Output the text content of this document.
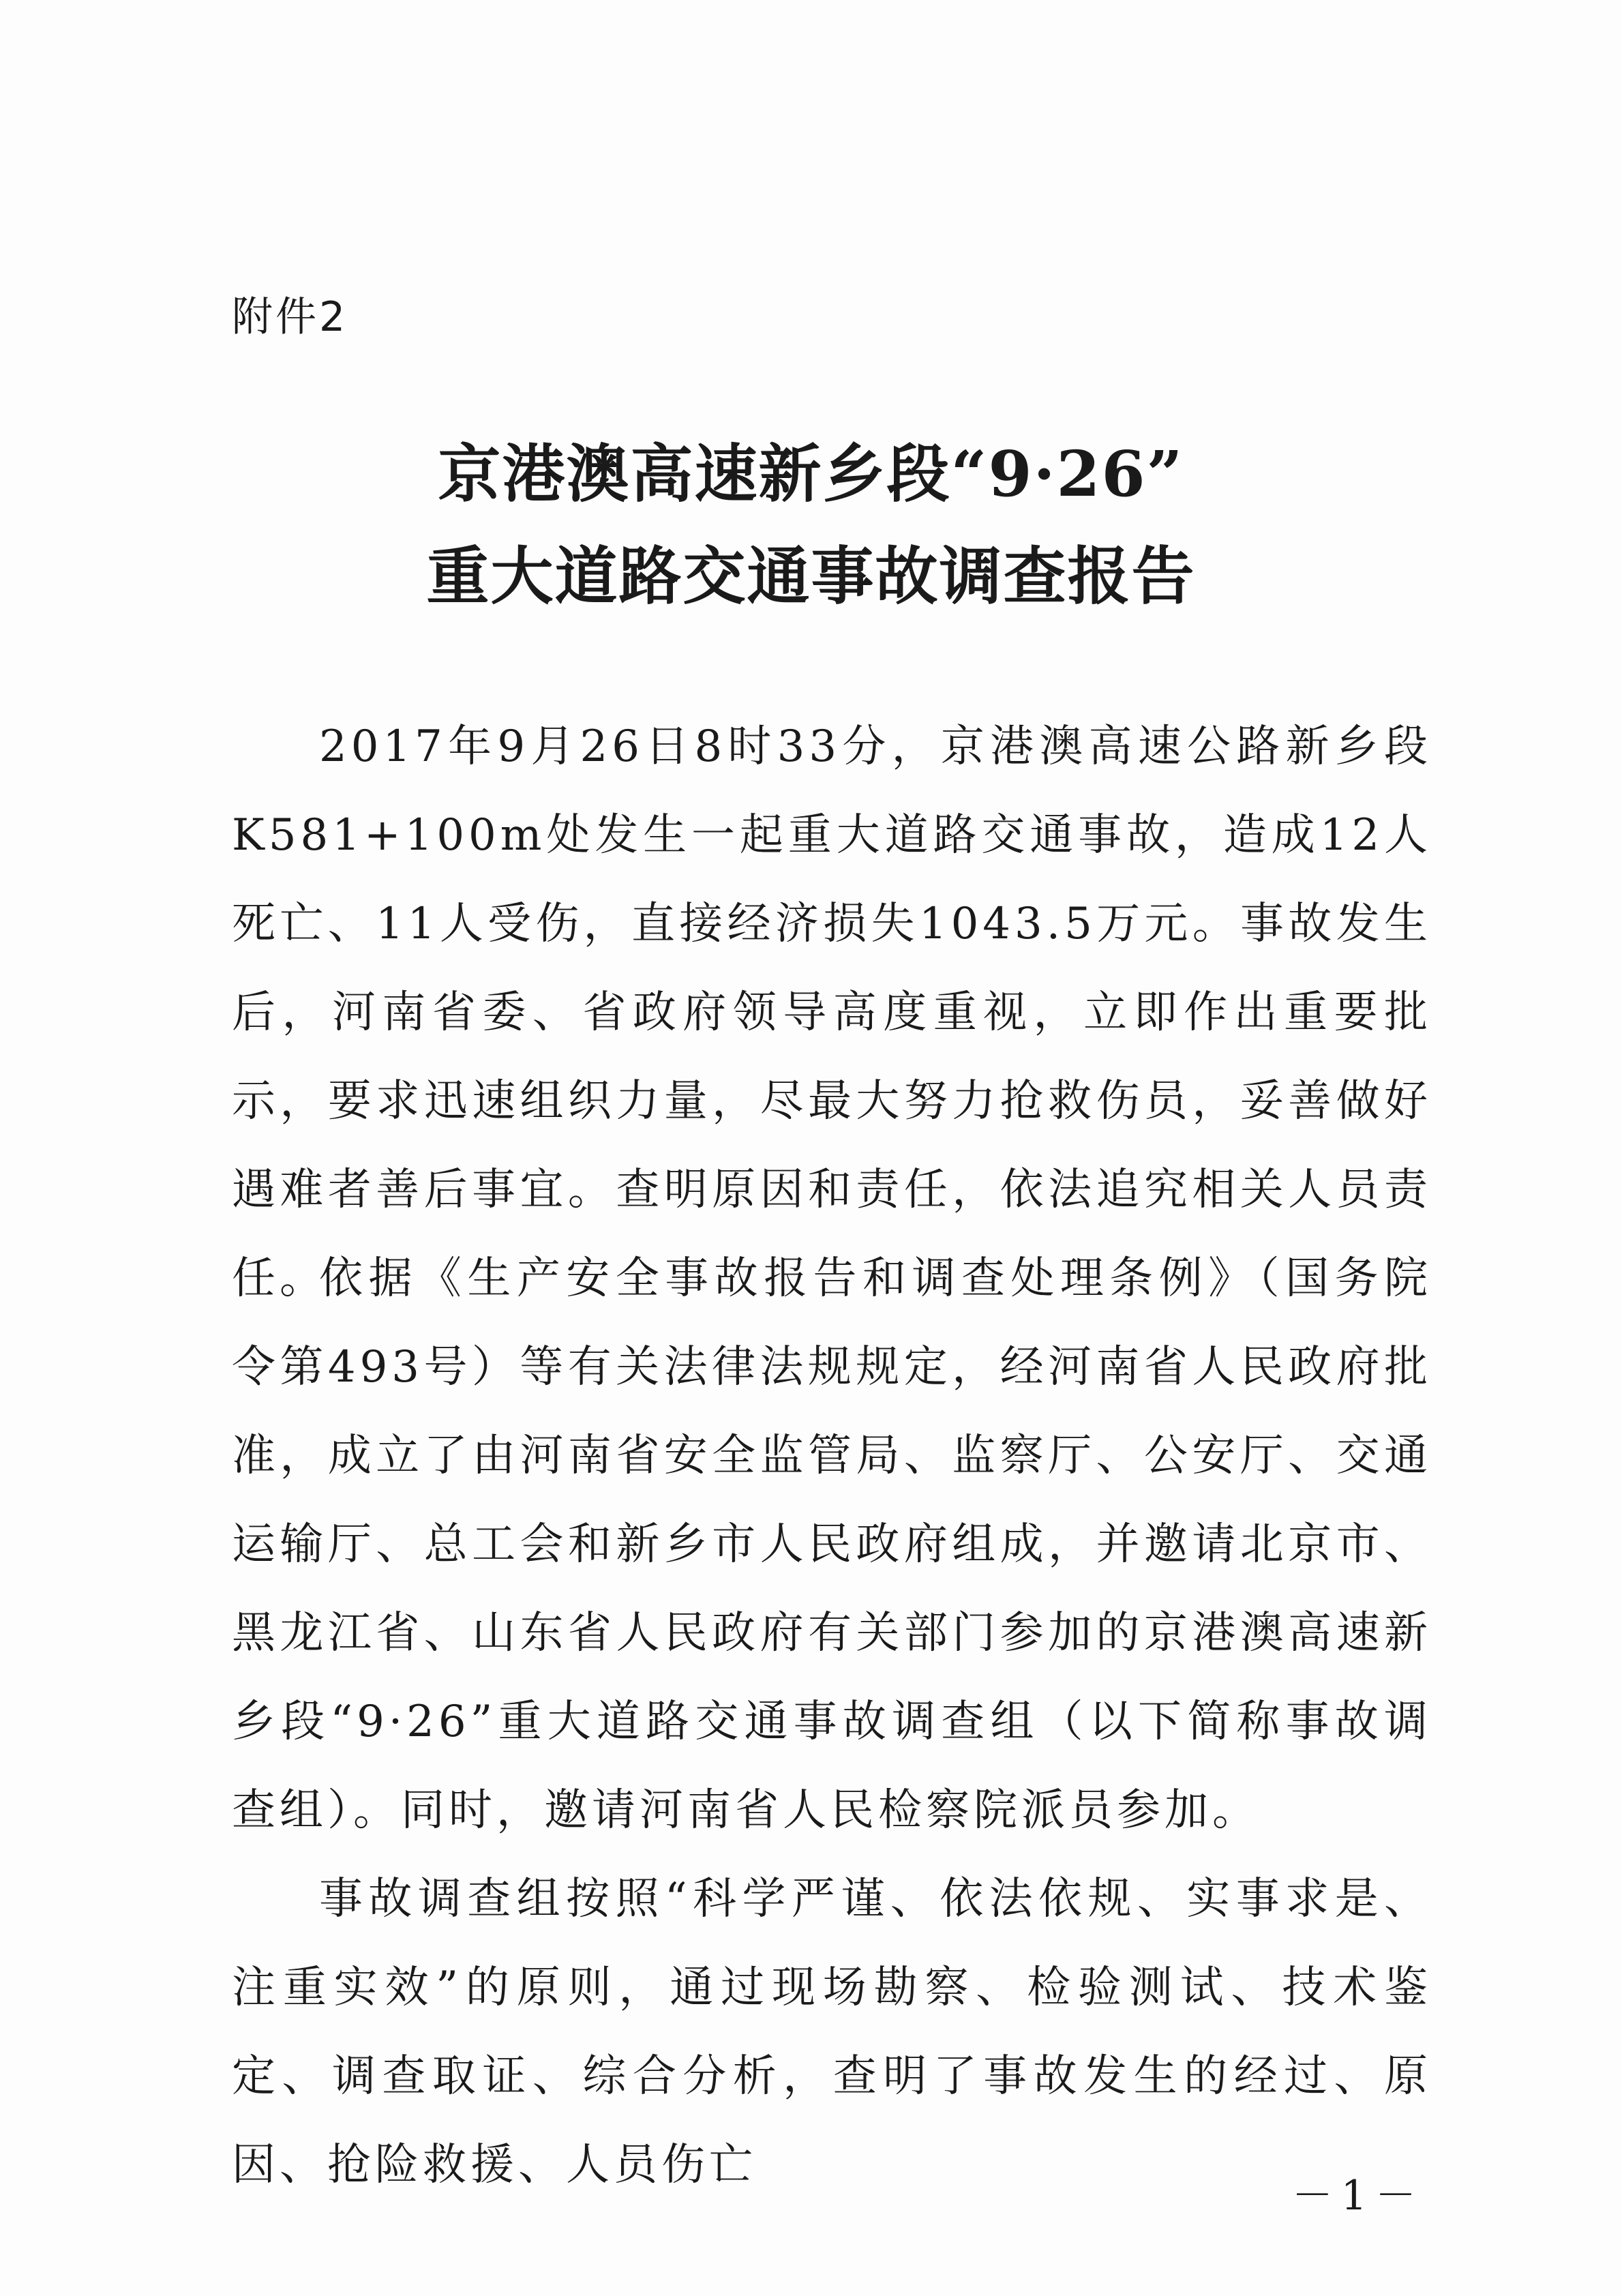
附件2
京港澳高速新乡段“9·26”
重大道路交通事故调查报告

2017年9月26日8时33分，京港澳高速公路新乡段K581+100m处发生一起重大道路交通事故，造成12人死亡、11人受伤，直接经济损失1043.5万元。事故发生后，河南省委、省政府领导高度重视，立即作出重要批示，要求迅速组织力量，尽最大努力抢救伤员，妥善做好遇难者善后事宜。查明原因和责任，依法追究相关人员责任。

依据《生产安全事故报告和调查处理条例》（国务院令第493号）等有关法律法规规定，经河南省人民政府批准，成立了由河南省安全监管局、监察厅、公安厅、交通运输厅、总工会和新乡市人民政府组成，并邀请北京市、黑龙江省、山东省人民政府有关部门参加的京港澳高速新乡段“9·26”重大道路交通事故调查组（以下简称事故调查组）。同时，邀请河南省人民检察院派员参加。

事故调查组按照“科学严谨、依法依规、实事求是、注重实效”的原则，通过现场勘察、检验测试、技术鉴定、调查取证、综合分析，查明了事故发生的经过、原因、抢险救援、人员伤亡

－1－
